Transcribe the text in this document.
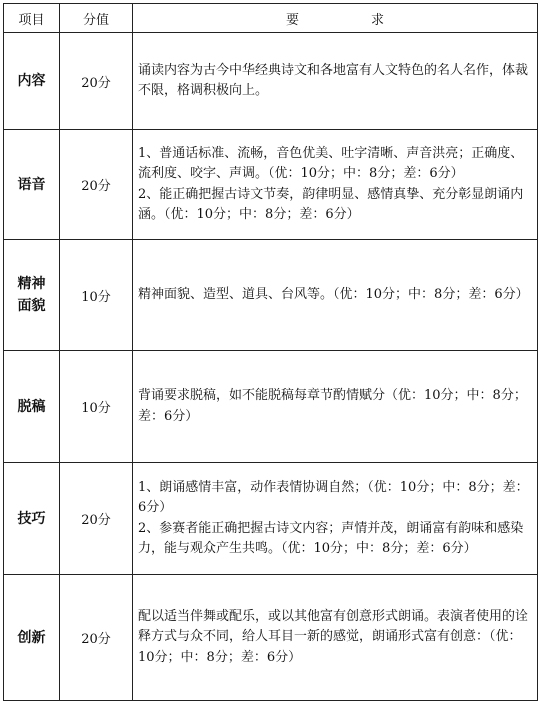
项目	分值	要求
内容	20分	诵读内容为古今中华经典诗文和各地富有人文特色的名人名作，体裁不限，格调积极向上。

语音	20分	1、普通话标准、流畅，音色优美、吐字清晰、声音洪亮；正确度、流利度、咬字、声调。（优：10分；中：8分；差：6分）
2、能正确把握古诗文节奏，韵律明显、感情真挚、充分彰显朗诵内涵。（优：10分；中：8分；差：6分）

精神面貌	10分	精神面貌、造型、道具、台风等。（优：10分；中：8分；差：6分）

脱稿	10分	背诵要求脱稿，如不能脱稿每章节酌情赋分（优：10分；中：8分；差：6分）

技巧	20分	1、朗诵感情丰富，动作表情协调自然；（优：10分；中：8分；差：6分）
2、参赛者能正确把握古诗文内容；声情并茂，朗诵富有韵味和感染力，能与观众产生共鸣。（优：10分；中：8分；差：6分）

创新	20分	配以适当伴舞或配乐，或以其他富有创意形式朗诵。表演者使用的诠释方式与众不同，给人耳目一新的感觉，朗诵形式富有创意：（优：10分；中：8分；差：6分）
